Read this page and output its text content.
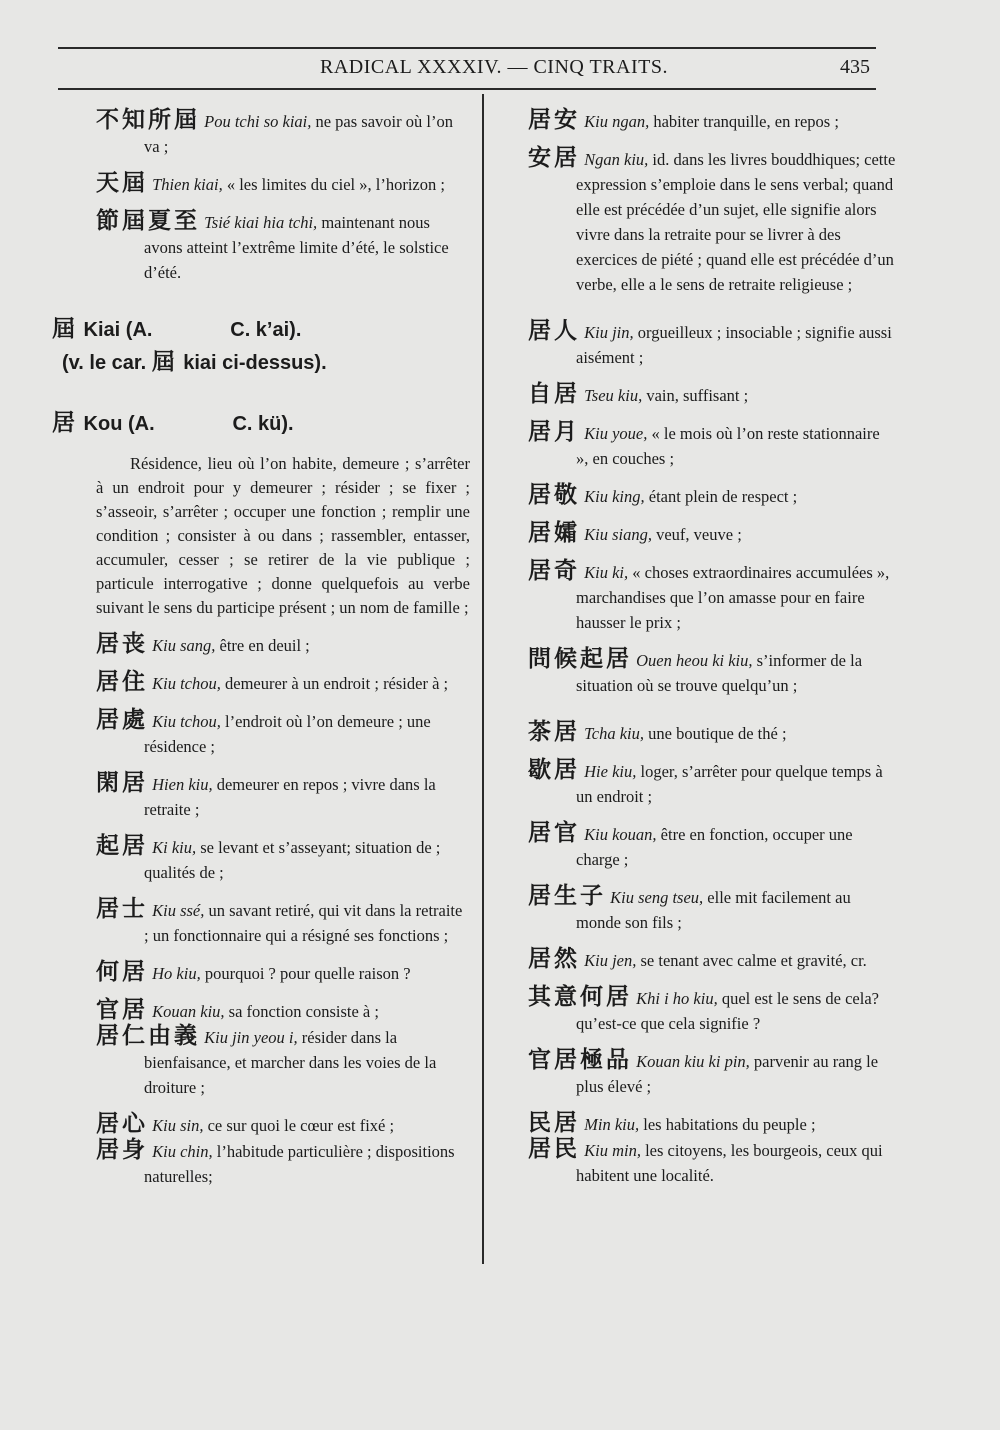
RADICAL XXXXIV. — CINQ TRAITS.	435

不知所屆 Pou tchi so kiai, ne pas savoir où l’on va ;

天屆 Thien kiai, « les limites du ciel », l’horizon ;

節屆夏至 Tsié kiai hia tchi, maintenant nous avons atteint l’extrême limite d’été, le solstice d’été.

屆 Kiai (A.              C. k’ai).

(v. le car. 屆 kiai ci-dessus).

居 Kou (A.              C. kü).

Résidence, lieu où l’on habite, demeure ; s’arrêter à un endroit pour y demeurer ; résider ; se fixer ; s’asseoir, s’arrêter ; occuper une fonction ; remplir une condition ; consister à ou dans ; rassembler, entasser, accumuler, cesser ; se retirer de la vie publique ; particule interrogative ; donne quelquefois au verbe suivant le sens du participe présent ; un nom de famille ;

居丧 Kiu sang, être en deuil ;

居住 Kiu tchou, demeurer à un endroit ; résider à ;

居處 Kiu tchou, l’endroit où l’on demeure ; une résidence ;

閑居 Hien kiu, demeurer en repos ; vivre dans la retraite ;

起居 Ki kiu, se levant et s’asseyant; situation de ; qualités de ;

居士 Kiu ssé, un savant retiré, qui vit dans la retraite ; un fonctionnaire qui a résigné ses fonctions ;

何居 Ho kiu, pourquoi ? pour quelle raison ?

官居 Kouan kiu, sa fonction consiste à ;

居仁由義 Kiu jin yeou i, résider dans la bienfaisance, et marcher dans les voies de la droiture ;

居心 Kiu sin, ce sur quoi le cœur est fixé ;

居身 Kiu chin, l’habitude particulière ; dispositions naturelles;

居安 Kiu ngan, habiter tranquille, en repos ;

安居 Ngan kiu, id. dans les livres bouddhiques; cette expression s’emploie dans le sens verbal; quand elle est précédée d’un sujet, elle signifie alors vivre dans la retraite pour se livrer à des exercices de piété ; quand elle est précédée d’un verbe, elle a le sens de retraite religieuse ;

居人 Kiu jin, orgueilleux ; insociable ; signifie aussi aisément ;

自居 Tseu kiu, vain, suffisant ;

居月 Kiu youe, « le mois où l’on reste stationnaire », en couches ;

居敬 Kiu king, étant plein de respect ;

居孀 Kiu siang, veuf, veuve ;

居奇 Kiu ki, « choses extraordinaires accumulées », marchandises que l’on amasse pour en faire hausser le prix ;

問候起居 Ouen heou ki kiu, s’informer de la situation où se trouve quelqu’un ;

茶居 Tcha kiu, une boutique de thé ;

歇居 Hie kiu, loger, s’arrêter pour quelque temps à un endroit ;

居官 Kiu kouan, être en fonction, occuper une charge ;

居生子 Kiu seng tseu, elle mit facilement au monde son fils ;

居然 Kiu jen, se tenant avec calme et gravité, cr.

其意何居 Khi i ho kiu, quel est le sens de cela? qu’est-ce que cela signifie ?

官居極品 Kouan kiu ki pin, parvenir au rang le plus élevé ;

民居 Min kiu, les habitations du peuple ;

居民 Kiu min, les citoyens, les bourgeois, ceux qui habitent une localité.
